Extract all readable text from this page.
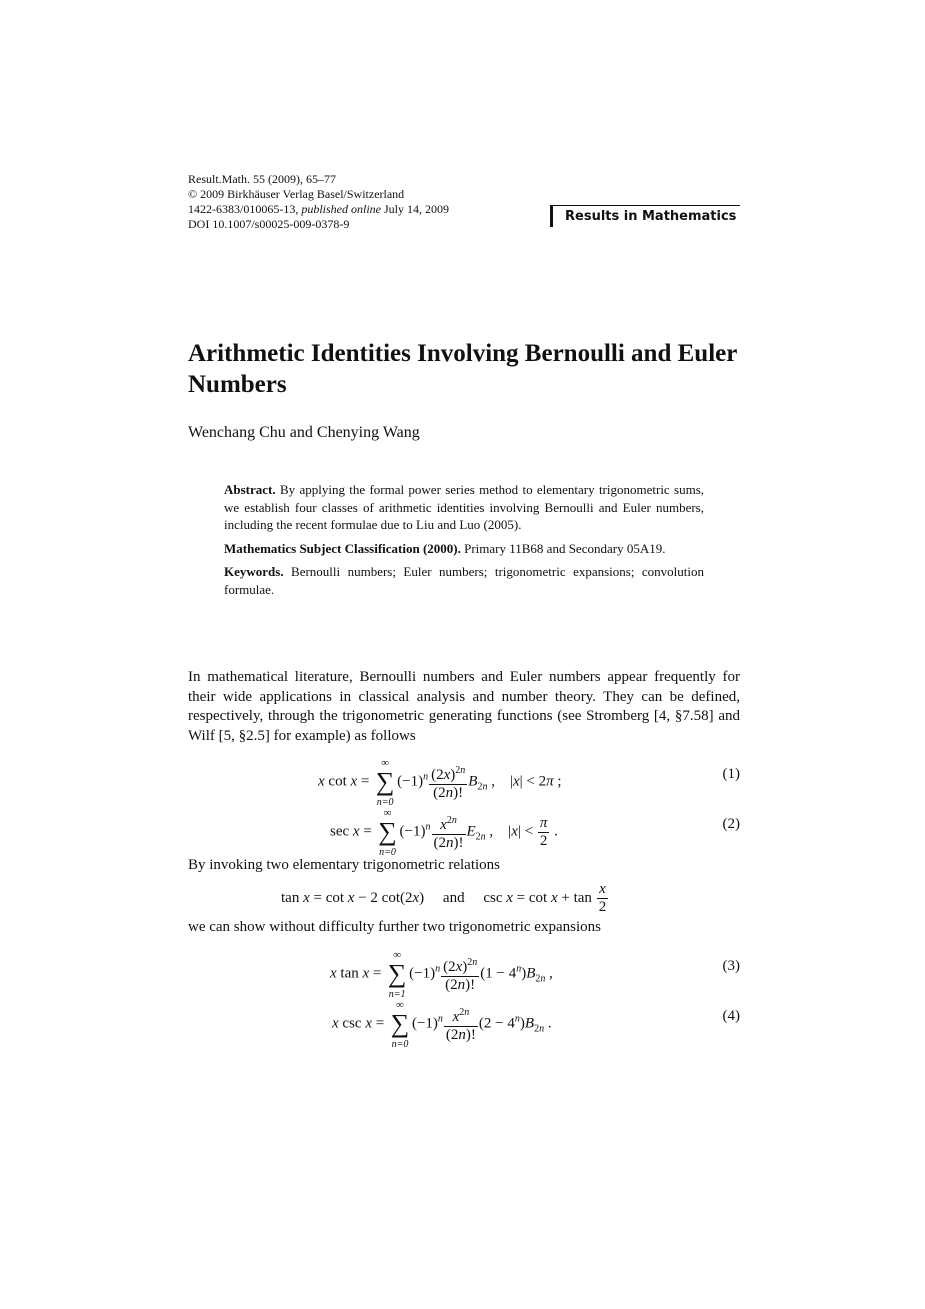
Result.Math. 55 (2009), 65–77
© 2009 Birkhäuser Verlag Basel/Switzerland
1422-6383/010065-13, published online July 14, 2009
DOI 10.1007/s00025-009-0378-9	Results in Mathematics
Arithmetic Identities Involving Bernoulli and Euler Numbers
Wenchang Chu and Chenying Wang

Abstract. By applying the formal power series method to elementary trigonometric sums, we establish four classes of arithmetic identities involving Bernoulli and Euler numbers, including the recent formulae due to Liu and Luo (2005).

Mathematics Subject Classification (2000). Primary 11B68 and Secondary 05A19.

Keywords. Bernoulli numbers; Euler numbers; trigonometric expansions; convolution formulae.

In mathematical literature, Bernoulli numbers and Euler numbers appear frequently for their wide applications in classical analysis and number theory. They can be defined, respectively, through the trigonometric generating functions (see Stromberg [4, §7.58] and Wilf [5, §2.5] for example) as follows
x cot x =
∞
∑
n=0
$(-1)^n \frac{(2x)^{2n}}{(2n)!} B_{2n}$ ,    |x| < 2π ;	(1)
sec x =
∞
∑
n=0
$(-1)^n \frac{x^{2n}}{(2n)!} E_{2n}$ ,    $|x| < \frac{\pi}{2}$ .	(2)
By invoking two elementary trigonometric relations
tan x = cot x − 2 cot(2x)     and     $\csc x = \cot x + \tan \frac{x}{2}$
we can show without difficulty further two trigonometric expansions
x tan x =
∞
∑
n=1
$(-1)^n \frac{(2x)^{2n}}{(2n)!} (1 - 4^n)B_{2n}$ ,	(3)
x csc x =
∞
∑
n=0
$(-1)^n \frac{x^{2n}}{(2n)!} (2 - 4^n)B_{2n}$ .	(4)
